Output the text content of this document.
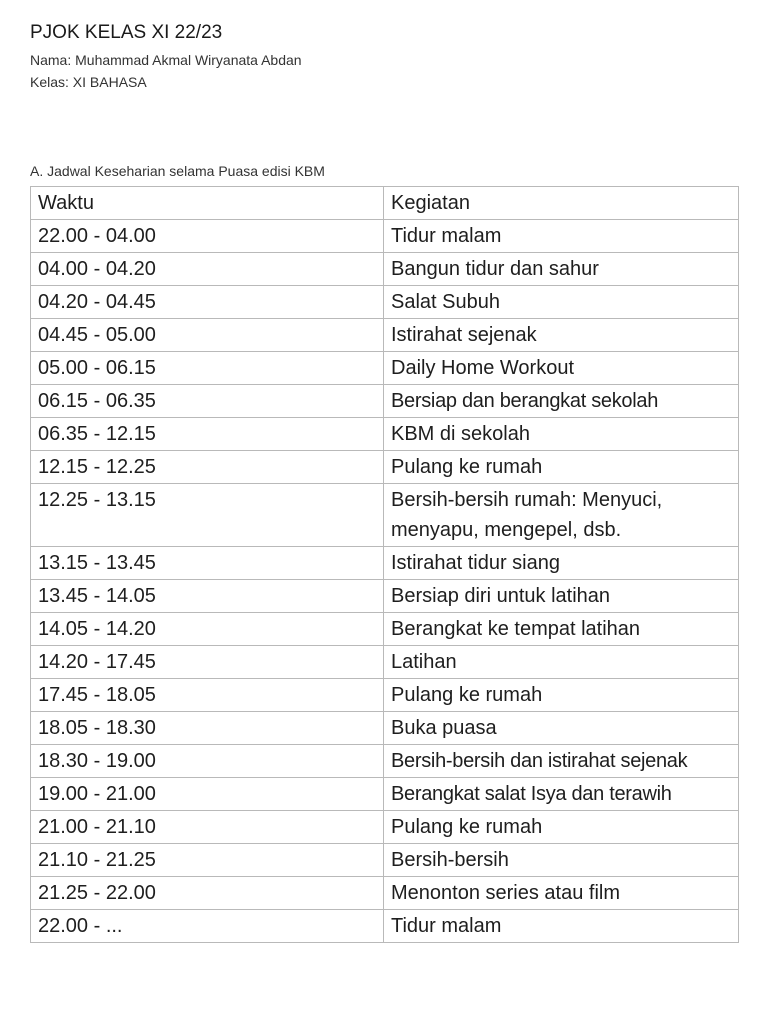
PJOK KELAS XI 22/23

Nama: Muhammad Akmal Wiryanata Abdan

Kelas: XI BAHASA

A. Jadwal Keseharian selama Puasa edisi KBM

Waktu	Kegiatan
22.00 - 04.00	Tidur malam
04.00 - 04.20	Bangun tidur dan sahur
04.20 - 04.45	Salat Subuh
04.45 - 05.00	Istirahat sejenak
05.00 - 06.15	Daily Home Workout
06.15 - 06.35	Bersiap dan berangkat sekolah
06.35 - 12.15	KBM di sekolah
12.15 - 12.25	Pulang ke rumah
12.25 - 13.15	Bersih-bersih rumah: Menyuci, menyapu, mengepel, dsb.
13.15 - 13.45	Istirahat tidur siang
13.45 - 14.05	Bersiap diri untuk latihan
14.05 - 14.20	Berangkat ke tempat latihan
14.20 - 17.45	Latihan
17.45 - 18.05	Pulang ke rumah
18.05 - 18.30	Buka puasa
18.30 - 19.00	Bersih-bersih dan istirahat sejenak
19.00 - 21.00	Berangkat salat Isya dan terawih
21.00 - 21.10	Pulang ke rumah
21.10 - 21.25	Bersih-bersih
21.25 - 22.00	Menonton series atau film
22.00 - ...	Tidur malam
